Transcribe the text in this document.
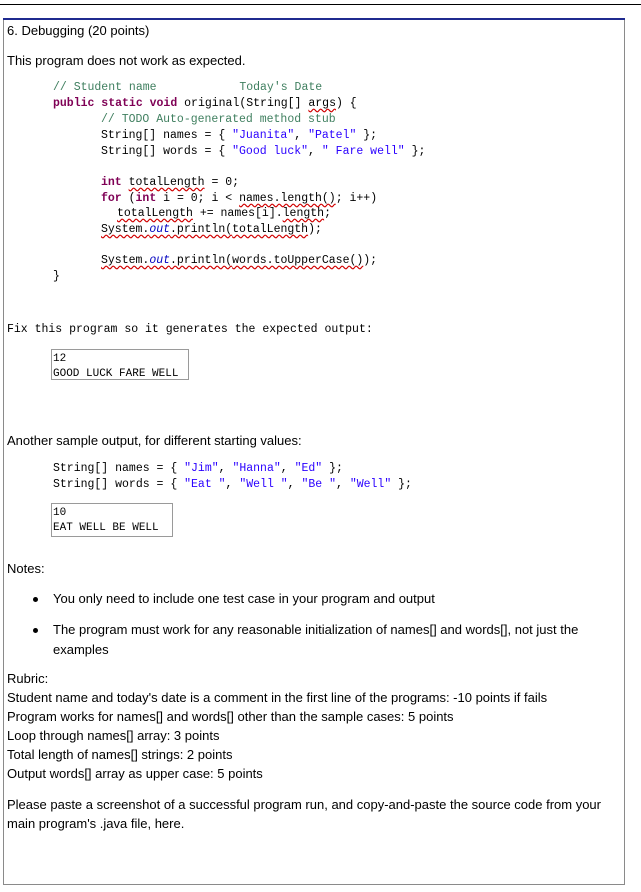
6. Debugging (20 points)
This program does not work as expected.
// Student name            Today's Date
public static void original(String[] args) {
// TODO Auto-generated method stub
String[] names = { "Juanita", "Patel" };
String[] words = { "Good luck", " Fare well" };
int totalLength = 0;
for (int i = 0; i < names.length(); i++)
totalLength += names[i].length;
System.out.println(totalLength);
System.out.println(words.toUpperCase());
}
Fix this program so it generates the expected output:
12
GOOD LUCK FARE WELL
Another sample output, for different starting values:
String[] names = { "Jim", "Hanna", "Ed" };
String[] words = { "Eat ", "Well ", "Be ", "Well" };
10
EAT WELL BE WELL
Notes:
You only need to include one test case in your program and output
The program must work for any reasonable initialization of names[] and words[], not just the
examples
Rubric:
Student name and today's date is a comment in the first line of the programs: -10 points if fails
Program works for names[] and words[] other than the sample cases: 5 points
Loop through names[] array: 3 points
Total length of names[] strings: 2 points
Output words[] array as upper case: 5 points
Please paste a screenshot of a successful program run, and copy-and-paste the source code from your
main program's .java file, here.
